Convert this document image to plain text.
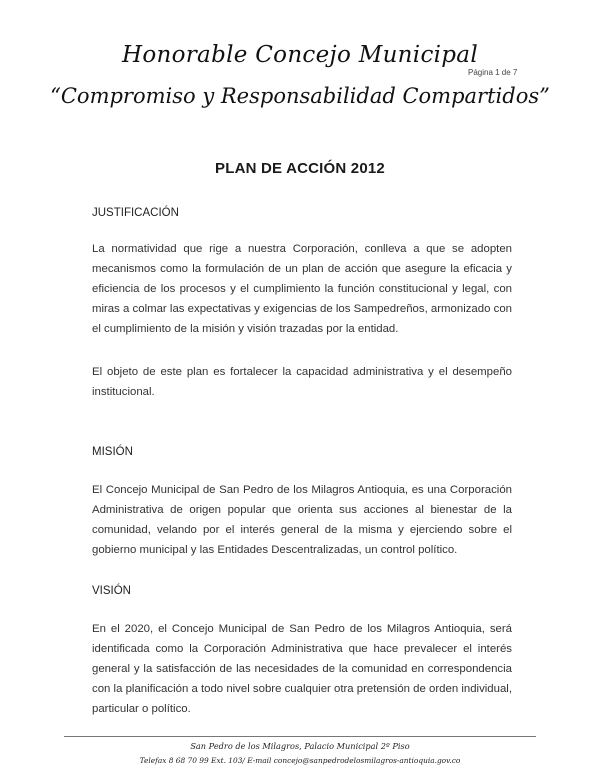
Honorable Concejo Municipal
Página 1 de 7
“Compromiso y Responsabilidad Compartidos”
PLAN DE ACCIÓN 2012
JUSTIFICACIÓN
La normatividad que rige a nuestra Corporación, conlleva a que se adopten mecanismos como la formulación de un plan de acción que asegure la eficacia y eficiencia de los procesos y el cumplimiento la función constitucional y legal, con miras a colmar las expectativas y exigencias de los Sampedreños, armonizado con el cumplimiento de la misión y visión trazadas por la entidad.
El objeto de este plan es fortalecer la capacidad administrativa y el desempeño institucional.
MISIÓN
El Concejo Municipal de San Pedro de los Milagros Antioquia, es una Corporación Administrativa de origen popular que orienta sus acciones al bienestar de la comunidad, velando por el interés general de la misma y ejerciendo sobre el gobierno municipal y las Entidades Descentralizadas, un control político.
VISIÓN
En el 2020, el Concejo Municipal de San Pedro de los Milagros Antioquia, será identificada como la Corporación Administrativa que hace prevalecer el interés general y la satisfacción de las necesidades de la comunidad en correspondencia con la planificación a todo nivel sobre cualquier otra pretensión de orden individual, particular o político.
San Pedro de los Milagros, Palacio Municipal 2º Piso
Telefax 8 68 70 99 Ext. 103/ E-mail concejo@sanpedrodelosmilagros-antioquia.gov.co
